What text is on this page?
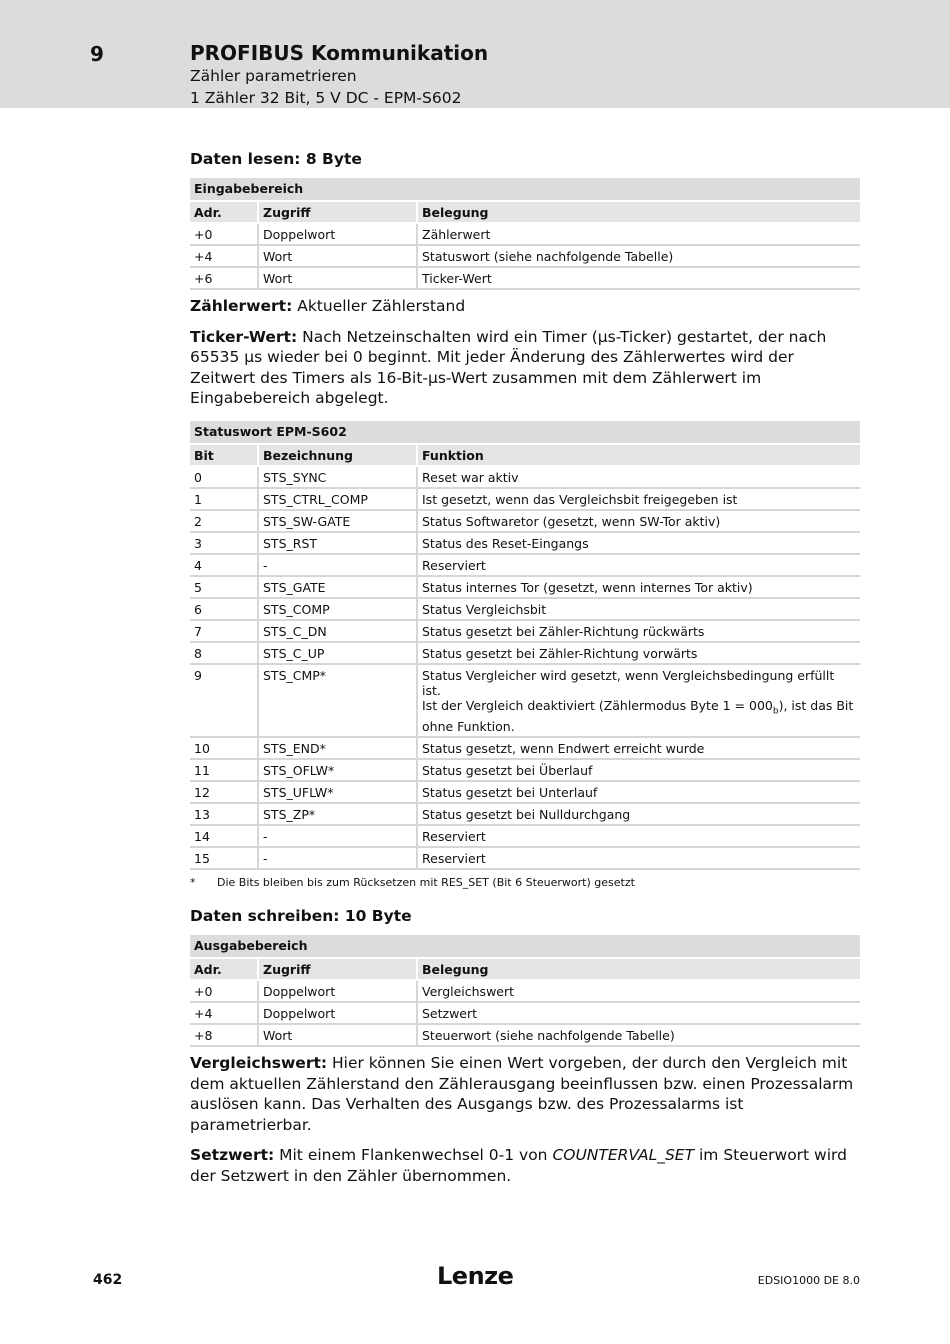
9	PROFIBUS Kommunikation
Zähler parametrieren
1 Zähler 32 Bit, 5 V DC - EPM-S602
Daten lesen: 8 Byte
Eingabebereich		
Adr.	Zugriff	Belegung
+0	Doppelwort	Zählerwert
+4	Wort	Statuswort (siehe nachfolgende Tabelle)
+6	Wort	Ticker-Wert

Zählerwert: Aktueller Zählerstand

Ticker-Wert: Nach Netzeinschalten wird ein Timer (µs-Ticker) gestartet, der nach 65535 µs wieder bei 0 beginnt. Mit jeder Änderung des Zählerwertes wird der Zeitwert des Timers als 16-Bit-µs-Wert zusammen mit dem Zählerwert im Eingabebereich abgelegt.

Statuswort EPM-S602		
Bit	Bezeichnung	Funktion
0	STS_SYNC	Reset war aktiv
1	STS_CTRL_COMP	Ist gesetzt, wenn das Vergleichsbit freigegeben ist
2	STS_SW-GATE	Status Softwaretor (gesetzt, wenn SW-Tor aktiv)
3	STS_RST	Status des Reset-Eingangs
4	-	Reserviert
5	STS_GATE	Status internes Tor (gesetzt, wenn internes Tor aktiv)
6	STS_COMP	Status Vergleichsbit
7	STS_C_DN	Status gesetzt bei Zähler-Richtung rückwärts
8	STS_C_UP	Status gesetzt bei Zähler-Richtung vorwärts
9	STS_CMP*	Status Vergleicher wird gesetzt, wenn Vergleichsbedingung erfüllt ist.
Ist der Vergleich deaktiviert (Zählermodus Byte $1 = 000_b$), ist das Bit ohne Funktion.
10	STS_END*	Status gesetzt, wenn Endwert erreicht wurde
11	STS_OFLW*	Status gesetzt bei Überlauf
12	STS_UFLW*	Status gesetzt bei Unterlauf
13	STS_ZP*	Status gesetzt bei Nulldurchgang
14	-	Reserviert
15	-	Reserviert
*	Die Bits bleiben bis zum Rücksetzen mit RES_SET (Bit 6 Steuerwort) gesetzt
Daten schreiben: 10 Byte
Ausgabebereich		
Adr.	Zugriff	Belegung
+0	Doppelwort	Vergleichswert
+4	Doppelwort	Setzwert
+8	Wort	Steuerwort (siehe nachfolgende Tabelle)

Vergleichswert: Hier können Sie einen Wert vorgeben, der durch den Vergleich mit dem aktuellen Zählerstand den Zählerausgang beeinflussen bzw. einen Prozessalarm auslösen kann. Das Verhalten des Ausgangs bzw. des Prozessalarms ist parametrierbar.

Setzwert: Mit einem Flankenwechsel 0-1 von COUNTERVAL_SET im Steuerwort wird der Setzwert in den Zähler übernommen.

462	Lenze	EDSIO1000 DE 8.0
